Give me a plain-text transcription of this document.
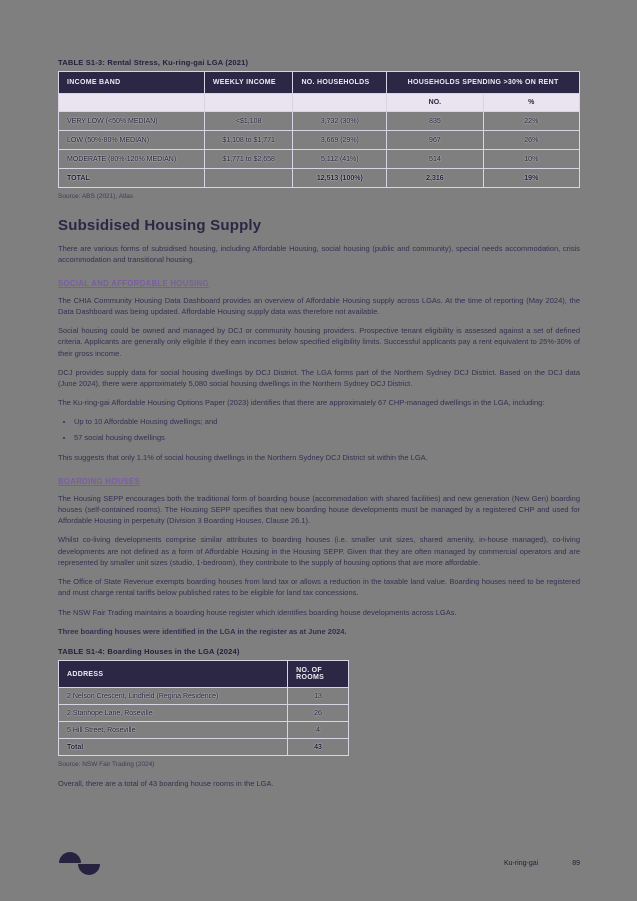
TABLE S1-3: Rental Stress, Ku-ring-gai LGA (2021)
INCOME BAND	WEEKLY INCOME	NO. HOUSEHOLDS	HOUSEHOLDS SPENDING >30% ON RENT	
			NO.	%
VERY LOW (<50% MEDIAN)	<$1,108	3,732 (30%)	835	22%
LOW (50%-80% MEDIAN)	$1,108 to $1,771	3,669 (29%)	967	26%
MODERATE (80%-120% MEDIAN)	$1,771 to $2,658	5,112 (41%)	514	10%
TOTAL		12,513 (100%)	2,316	19%

Source: ABS (2021), Atlas

Subsidised Housing Supply

There are various forms of subsidised housing, including Affordable Housing, social housing (public and community), special needs accommodation, crisis accommodation and transitional housing.

SOCIAL AND AFFORDABLE HOUSING

The CHIA Community Housing Data Dashboard provides an overview of Affordable Housing supply across LGAs. At the time of reporting (May 2024), the Data Dashboard was being updated. Affordable Housing supply data was therefore not available.

Social housing could be owned and managed by DCJ or community housing providers. Prospective tenant eligibility is assessed against a set of defined criteria. Applicants are generally only eligible if they earn incomes below specified eligibility limits. Successful applicants pay a rent equivalent to 25%-30% of their gross income.

DCJ provides supply data for social housing dwellings by DCJ District. The LGA forms part of the Northern Sydney DCJ District. Based on the DCJ data (June 2024), there were approximately 5,080 social housing dwellings in the Northern Sydney DCJ District.

The Ku-ring-gai Affordable Housing Options Paper (2023) identifies that there are approximately 67 CHP-managed dwellings in the LGA, including:

• Up to 10 Affordable Housing dwellings; and
• 57 social housing dwellings

This suggests that only 1.1% of social housing dwellings in the Northern Sydney DCJ District sit within the LGA.

BOARDING HOUSES

The Housing SEPP encourages both the traditional form of boarding house (accommodation with shared facilities) and new generation (New Gen) boarding houses (self-contained rooms). The Housing SEPP specifies that new boarding house developments must be managed by a registered CHP and used for Affordable Housing in perpetuity (Division 3 Boarding Houses, Clause 26.1).

Whilst co-living developments comprise similar attributes to boarding houses (i.e. smaller unit sizes, shared amenity, in-house managed), co-living developments are not defined as a form of Affordable Housing in the Housing SEPP. Given that they are often managed by commercial operators and are represented by smaller unit sizes (studio, 1-bedroom), they contribute to the supply of housing options that are more affordable.

The Office of State Revenue exempts boarding houses from land tax or allows a reduction in the taxable land value. Boarding houses need to be registered and must charge rental tariffs below published rates to be eligible for land tax concessions.

The NSW Fair Trading maintains a boarding house register which identifies boarding house developments across LGAs.

Three boarding houses were identified in the LGA in the register as at June 2024.

TABLE S1-4: Boarding Houses in the LGA (2024)
ADDRESS	NO. OF ROOMS
2 Nelson Crescent, Lindfield (Regina Residence)	13
2 Stanhope Lane, Roseville	26
5 Hill Street, Roseville	4
Total	43

Source: NSW Fair Trading (2024)

Overall, there are a total of 43 boarding house rooms in the LGA.

Ku-ring-gai	89
